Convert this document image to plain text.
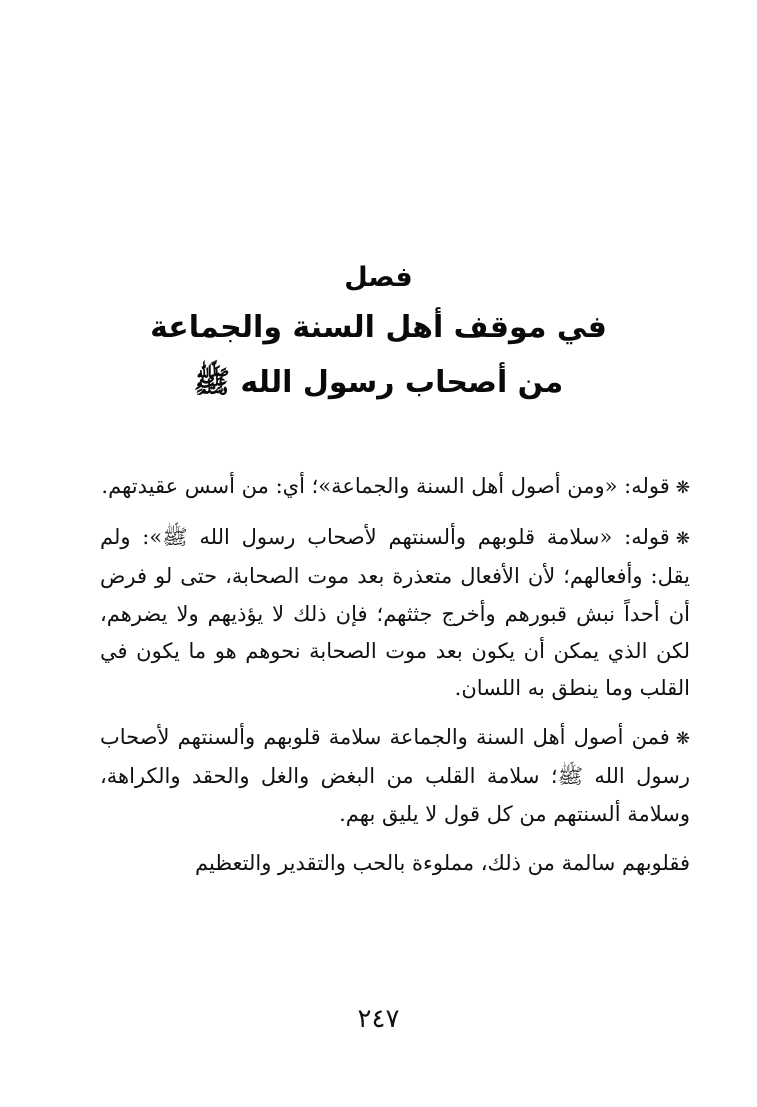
فصل
في موقف أهل السنة والجماعة
من أصحاب رسول الله ﷺ

❋قوله: «ومن أصول أهل السنة والجماعة»؛ أي: من أسس عقيدتهم.

❋قوله: «سلامة قلوبهم وألسنتهم لأصحاب رسول الله ﷺ»: ولم يقل: وأفعالهم؛ لأن الأفعال متعذرة بعد موت الصحابة، حتى لو فرض أن أحداً نبش قبورهم وأخرج جثثهم؛ فإن ذلك لا يؤذيهم ولا يضرهم، لكن الذي يمكن أن يكون بعد موت الصحابة نحوهم هو ما يكون في القلب وما ينطق به اللسان.

❋فمن أصول أهل السنة والجماعة سلامة قلوبهم وألسنتهم لأصحاب رسول الله ﷺ؛ سلامة القلب من البغض والغل والحقد والكراهة، وسلامة ألسنتهم من كل قول لا يليق بهم.

فقلوبهم سالمة من ذلك، مملوءة بالحب والتقدير والتعظيم

٢٤٧
